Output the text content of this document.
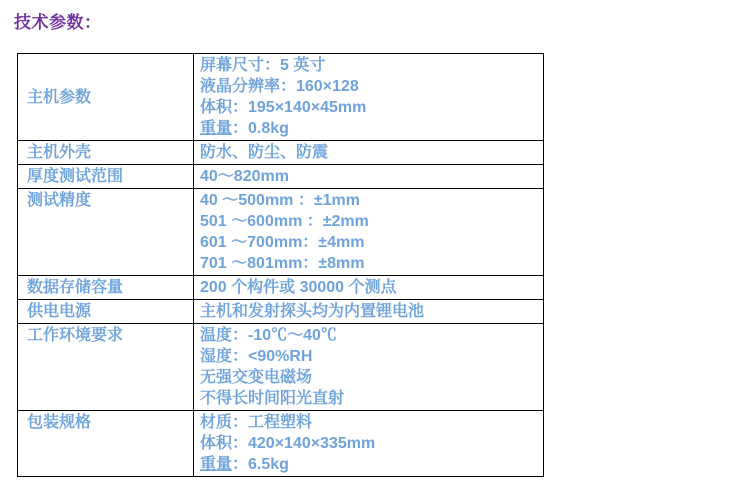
技术参数：
主机参数	屏幕尺寸：5 英寸
液晶分辨率：160×128
体积：195×140×45mm
重量：0.8kg

主机外壳	防水、防尘、防震

厚度测试范围	40～820mm

测试精度	40 ～500mm ：±1mm
501 ～600mm ：±2mm
601 ～700mm：±4mm
701 ～801mm：±8mm

数据存储容量	200 个构件或 30000 个测点

供电电源	主机和发射探头均为内置锂电池

工作环境要求	温度：-10℃～40℃
湿度：<90%RH
无强交变电磁场
不得长时间阳光直射

包装规格	材质：工程塑料
体积：420×140×335mm
重量：6.5kg
